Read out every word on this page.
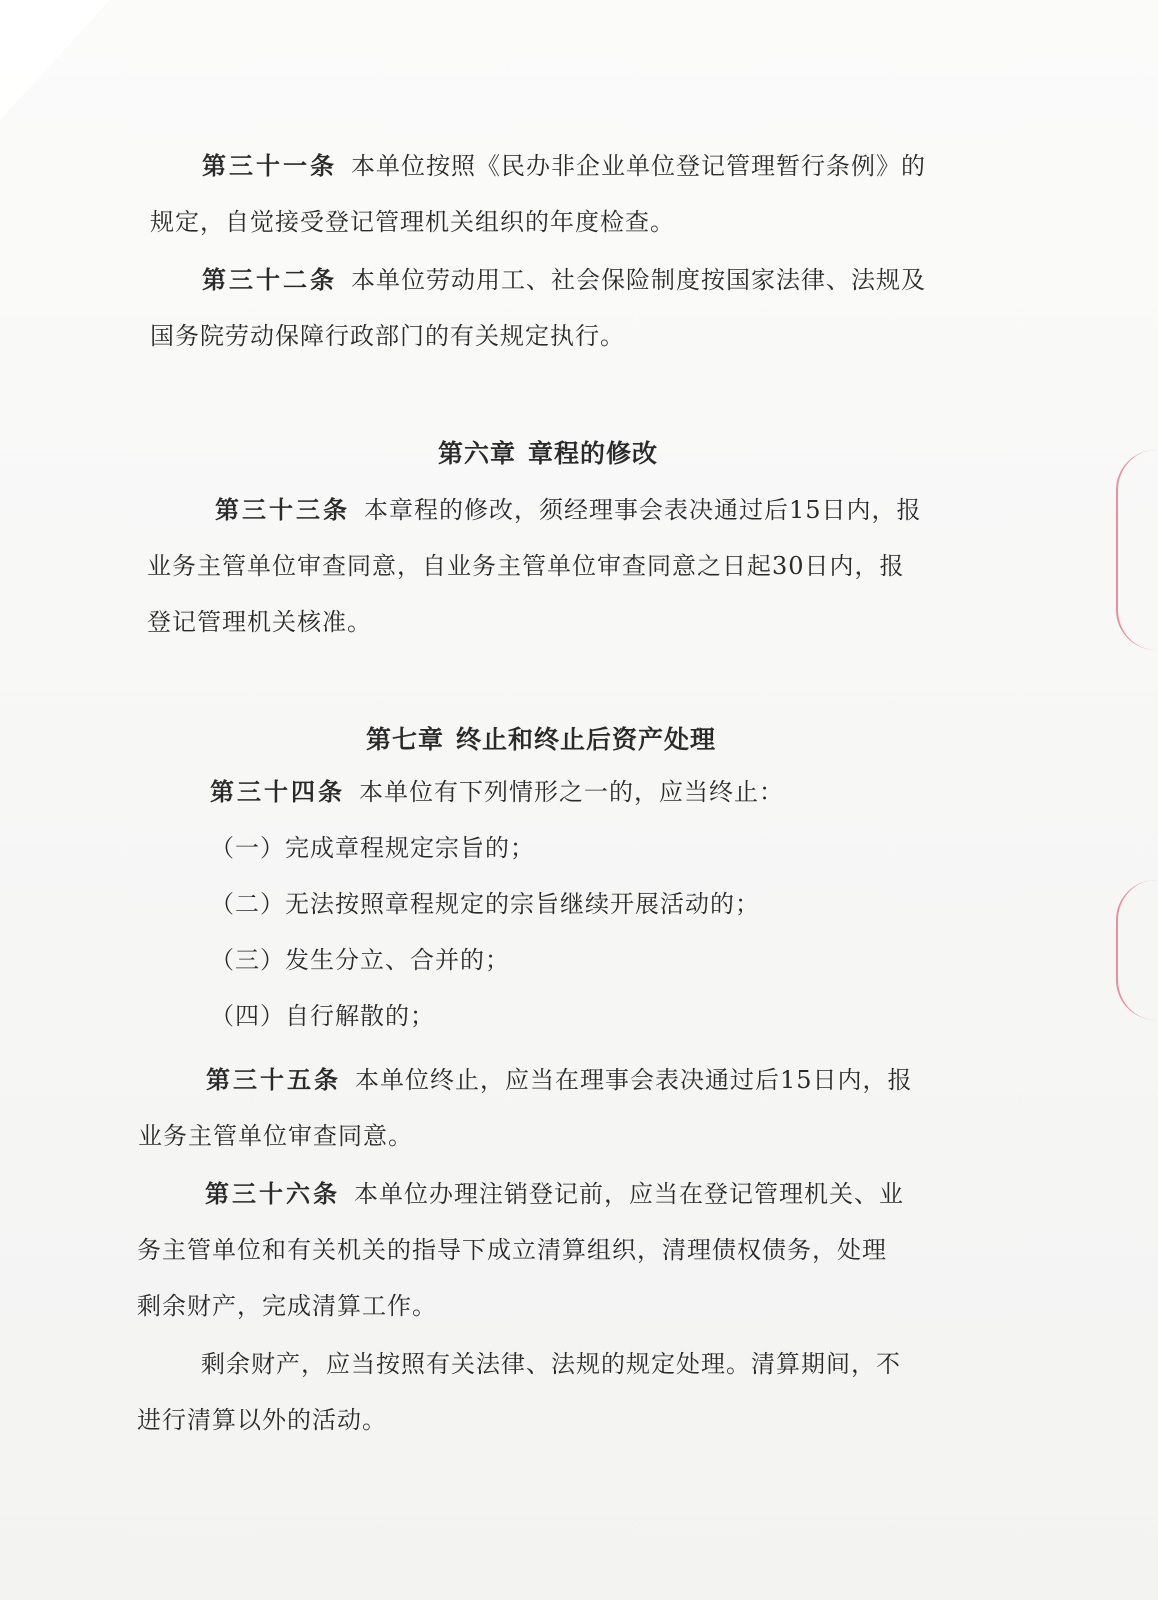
第三十一条 本单位按照《民办非企业单位登记管理暂行条例》的
规定，自觉接受登记管理机关组织的年度检查。
第三十二条 本单位劳动用工、社会保险制度按国家法律、法规及
国务院劳动保障行政部门的有关规定执行。
第六章 章程的修改
第三十三条 本章程的修改，须经理事会表决通过后15日内，报
业务主管单位审查同意，自业务主管单位审查同意之日起30日内，报
登记管理机关核准。
第七章 终止和终止后资产处理
第三十四条 本单位有下列情形之一的，应当终止：
（一）完成章程规定宗旨的；
（二）无法按照章程规定的宗旨继续开展活动的；
（三）发生分立、合并的；
（四）自行解散的；
第三十五条 本单位终止，应当在理事会表决通过后15日内，报
业务主管单位审查同意。
第三十六条 本单位办理注销登记前，应当在登记管理机关、业
务主管单位和有关机关的指导下成立清算组织，清理债权债务，处理
剩余财产，完成清算工作。
剩余财产，应当按照有关法律、法规的规定处理。清算期间，不
进行清算以外的活动。
